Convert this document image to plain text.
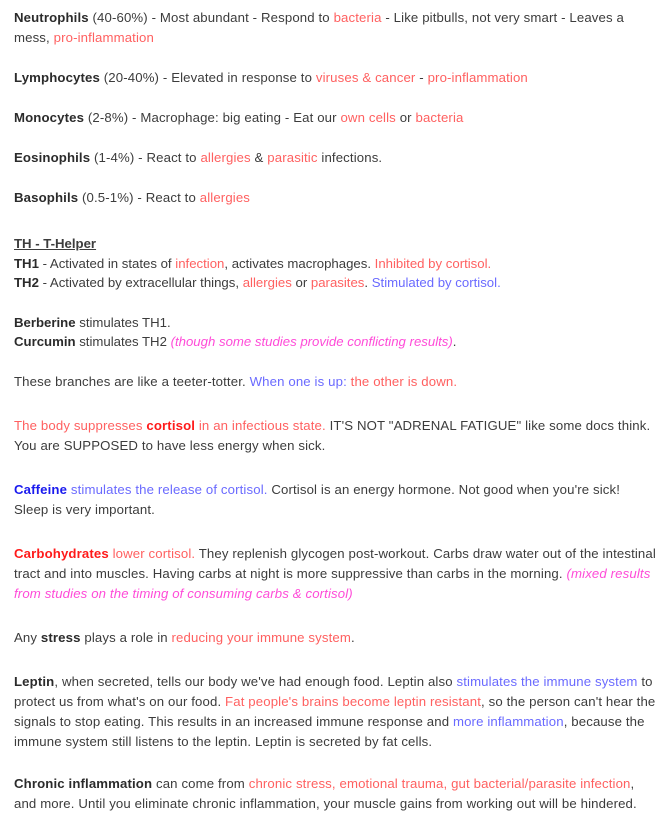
Neutrophils (40-60%) - Most abundant - Respond to bacteria - Like pitbulls, not very smart - Leaves a mess, pro-inflammation

Lymphocytes (20-40%) - Elevated in response to viruses & cancer - pro-inflammation

Monocytes (2-8%) - Macrophage: big eating - Eat our own cells or bacteria

Eosinophils (1-4%) - React to allergies & parasitic infections.

Basophils (0.5-1%) - React to allergies

TH - T-Helper

TH1 - Activated in states of infection, activates macrophages. Inhibited by cortisol.

TH2 - Activated by extracellular things, allergies or parasites. Stimulated by cortisol.

Berberine stimulates TH1.

Curcumin stimulates TH2 (though some studies provide conflicting results).

These branches are like a teeter-totter. When one is up: the other is down.

The body suppresses cortisol in an infectious state. IT'S NOT "ADRENAL FATIGUE" like some docs think. You are SUPPOSED to have less energy when sick.

Caffeine stimulates the release of cortisol. Cortisol is an energy hormone. Not good when you're sick! Sleep is very important.

Carbohydrates lower cortisol. They replenish glycogen post-workout. Carbs draw water out of the intestinal tract and into muscles. Having carbs at night is more suppressive than carbs in the morning. (mixed results from studies on the timing of consuming carbs & cortisol)

Any stress plays a role in reducing your immune system.

Leptin, when secreted, tells our body we've had enough food. Leptin also stimulates the immune system to protect us from what's on our food. Fat people's brains become leptin resistant, so the person can't hear the signals to stop eating. This results in an increased immune response and more inflammation, because the immune system still listens to the leptin. Leptin is secreted by fat cells.

Chronic inflammation can come from chronic stress, emotional trauma, gut bacterial/parasite infection, and more. Until you eliminate chronic inflammation, your muscle gains from working out will be hindered.
